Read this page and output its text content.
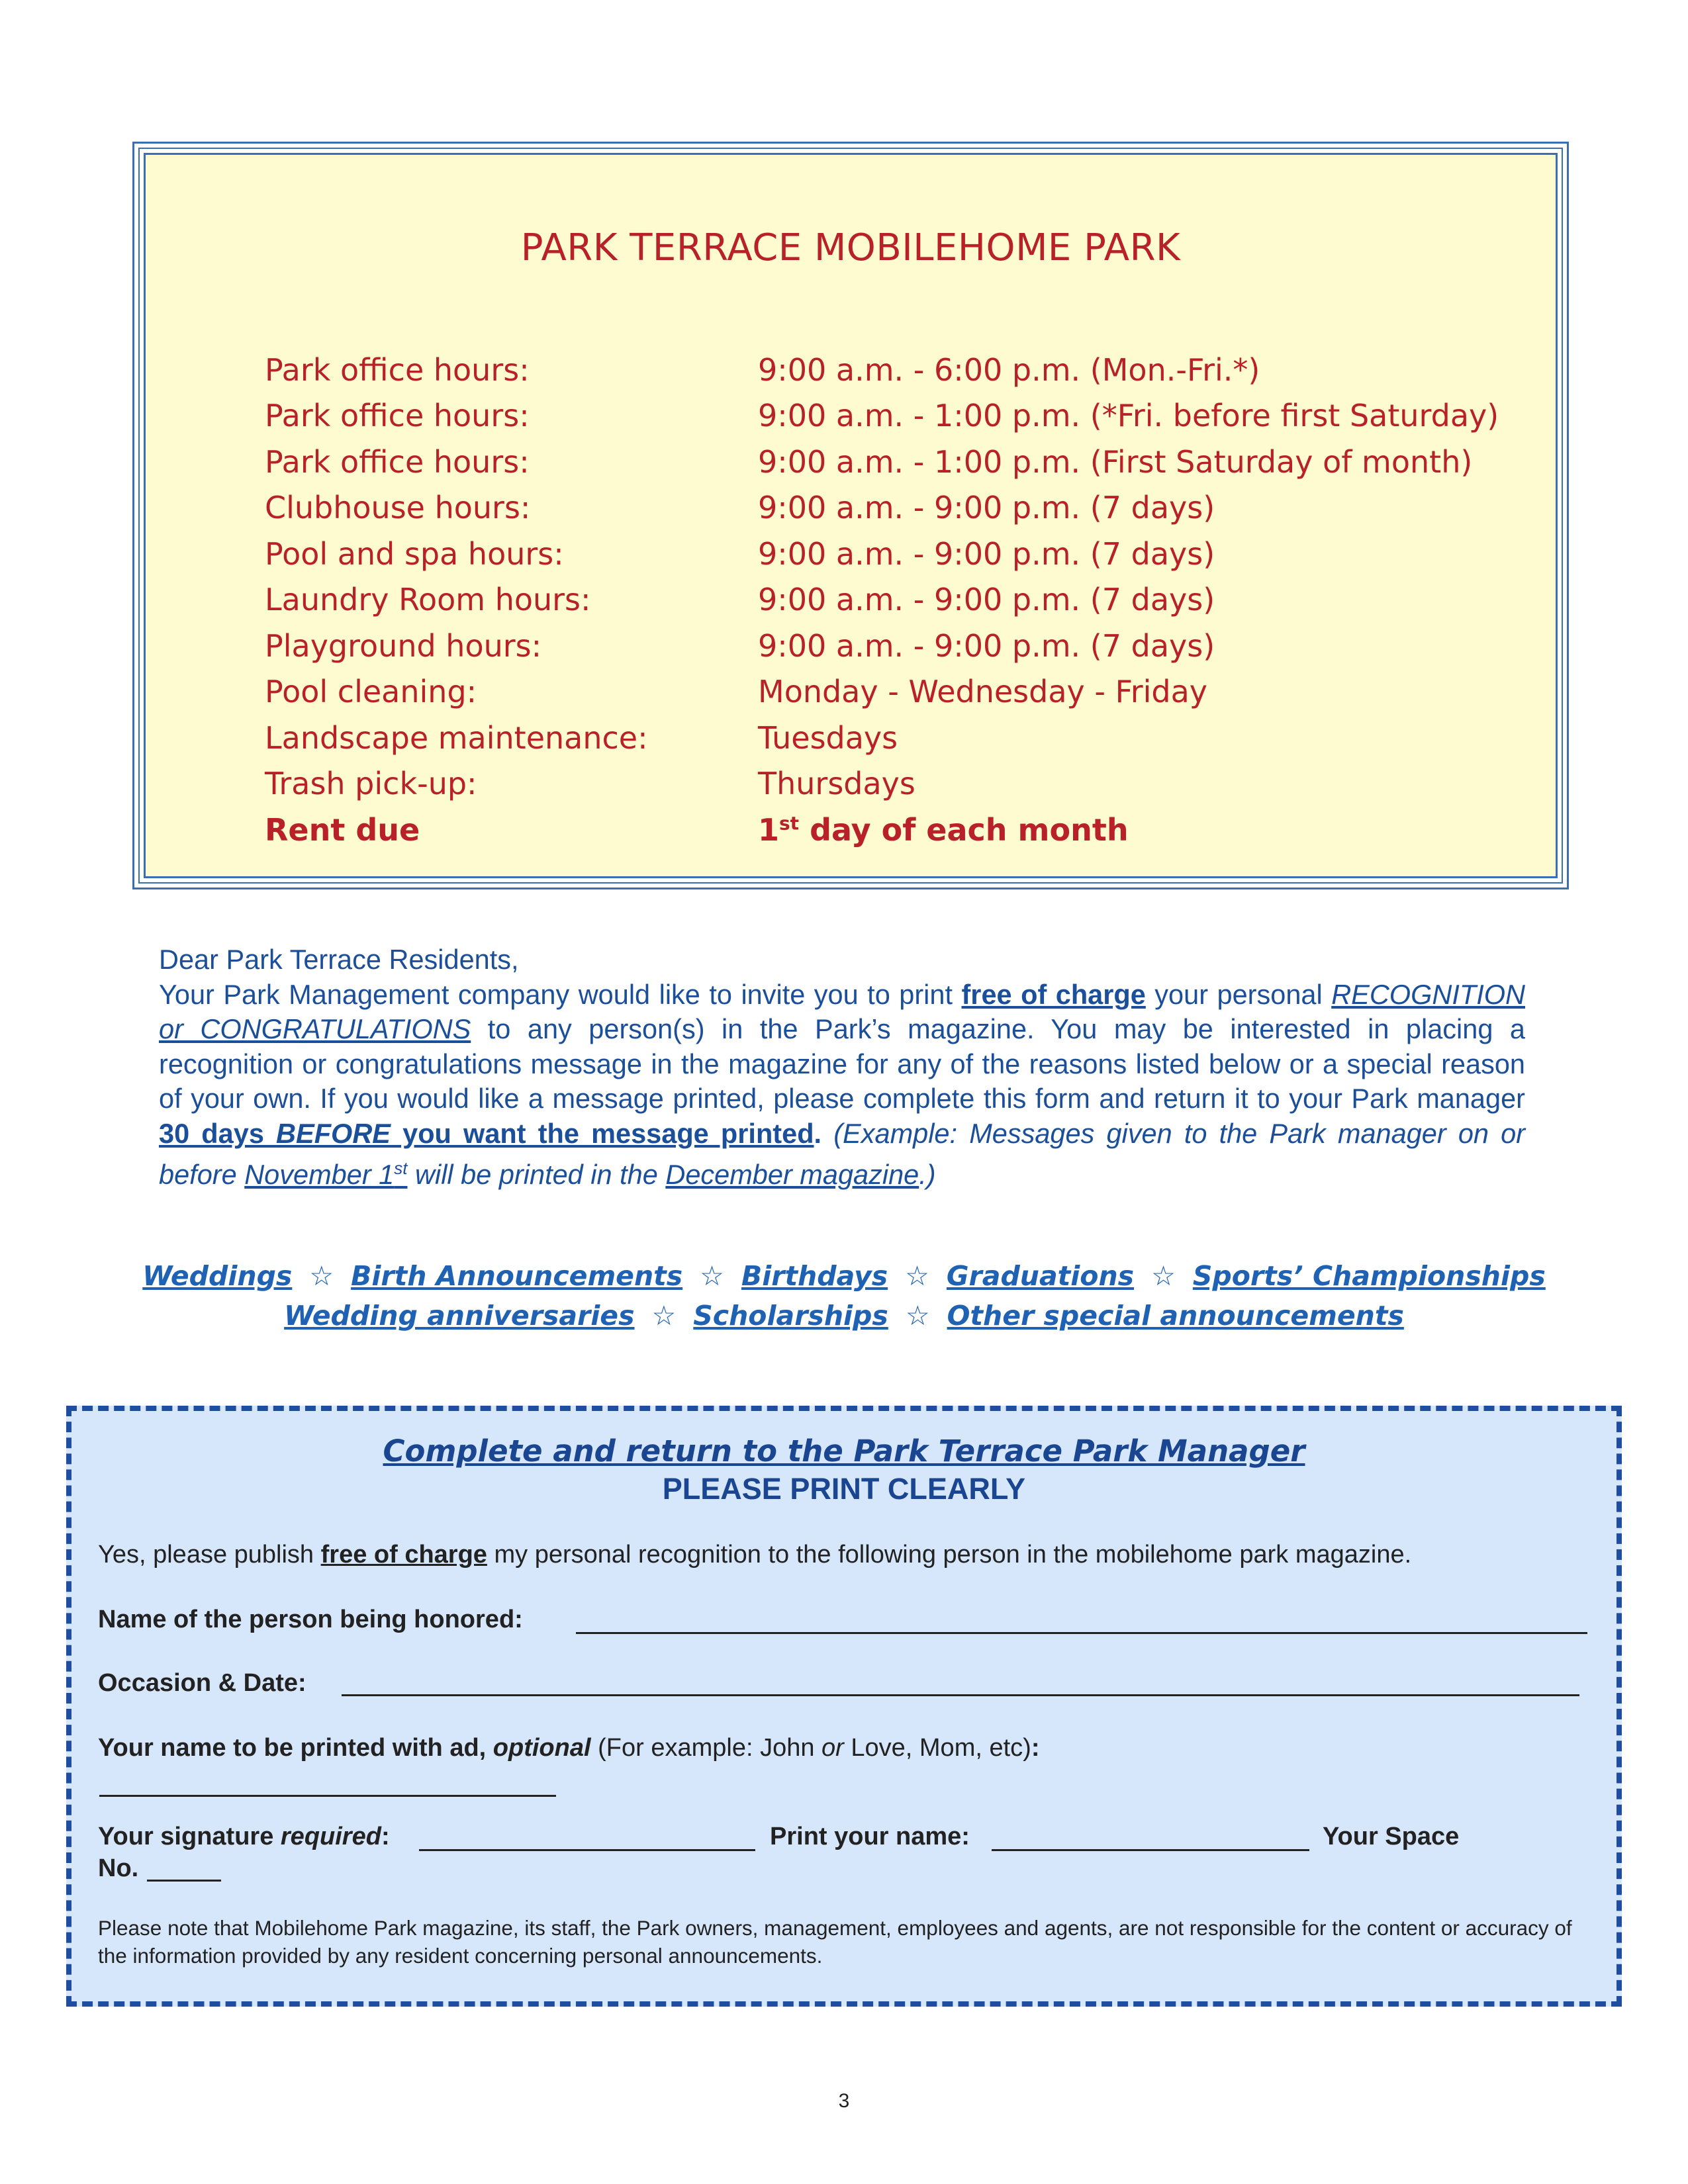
PARK TERRACE MOBILEHOME PARK
Park office hours:	9:00 a.m. - 6:00 p.m. (Mon.-Fri.*)
Park office hours:	9:00 a.m. - 1:00 p.m. (*Fri. before first Saturday)
Park office hours:	9:00 a.m. - 1:00 p.m. (First Saturday of month)
Clubhouse hours:	9:00 a.m. - 9:00 p.m. (7 days)
Pool and spa hours:	9:00 a.m. - 9:00 p.m. (7 days)
Laundry Room hours:	9:00 a.m. - 9:00 p.m. (7 days)
Playground hours:	9:00 a.m. - 9:00 p.m. (7 days)
Pool cleaning:	Monday - Wednesday - Friday
Landscape maintenance:	Tuesdays
Trash pick-up:	Thursdays
Rent due	1st day of each month

Dear Park Terrace Residents,

Your Park Management company would like to invite you to print free of charge your personal RECOGNITION or CONGRATULATIONS to any person(s) in the Park’s magazine. You may be interested in placing a recognition or congratulations message in the magazine for any of the reasons listed below or a special reason of your own. If you would like a message printed, please complete this form and return it to your Park manager 30 days BEFORE you want the message printed. (Example: Messages given to the Park manager on or before November 1st will be printed in the December magazine.)

Weddings ☆ Birth Announcements ☆ Birthdays ☆ Graduations ☆ Sports’ Championships
Wedding anniversaries ☆ Scholarships ☆ Other special announcements
Complete and return to the Park Terrace Park Manager
PLEASE PRINT CLEARLY
Yes, please publish free of charge my personal recognition to the following person in the mobilehome park magazine.
Name of the person being honored:
Occasion & Date:
Your name to be printed with ad, optional (For example: John or Love, Mom, etc):
Your signature required:	Print your name:	Your Space
No.
Please note that Mobilehome Park magazine, its staff, the Park owners, management, employees and agents, are not responsible for the content or accuracy of the information provided by any resident concerning personal announcements.
3
